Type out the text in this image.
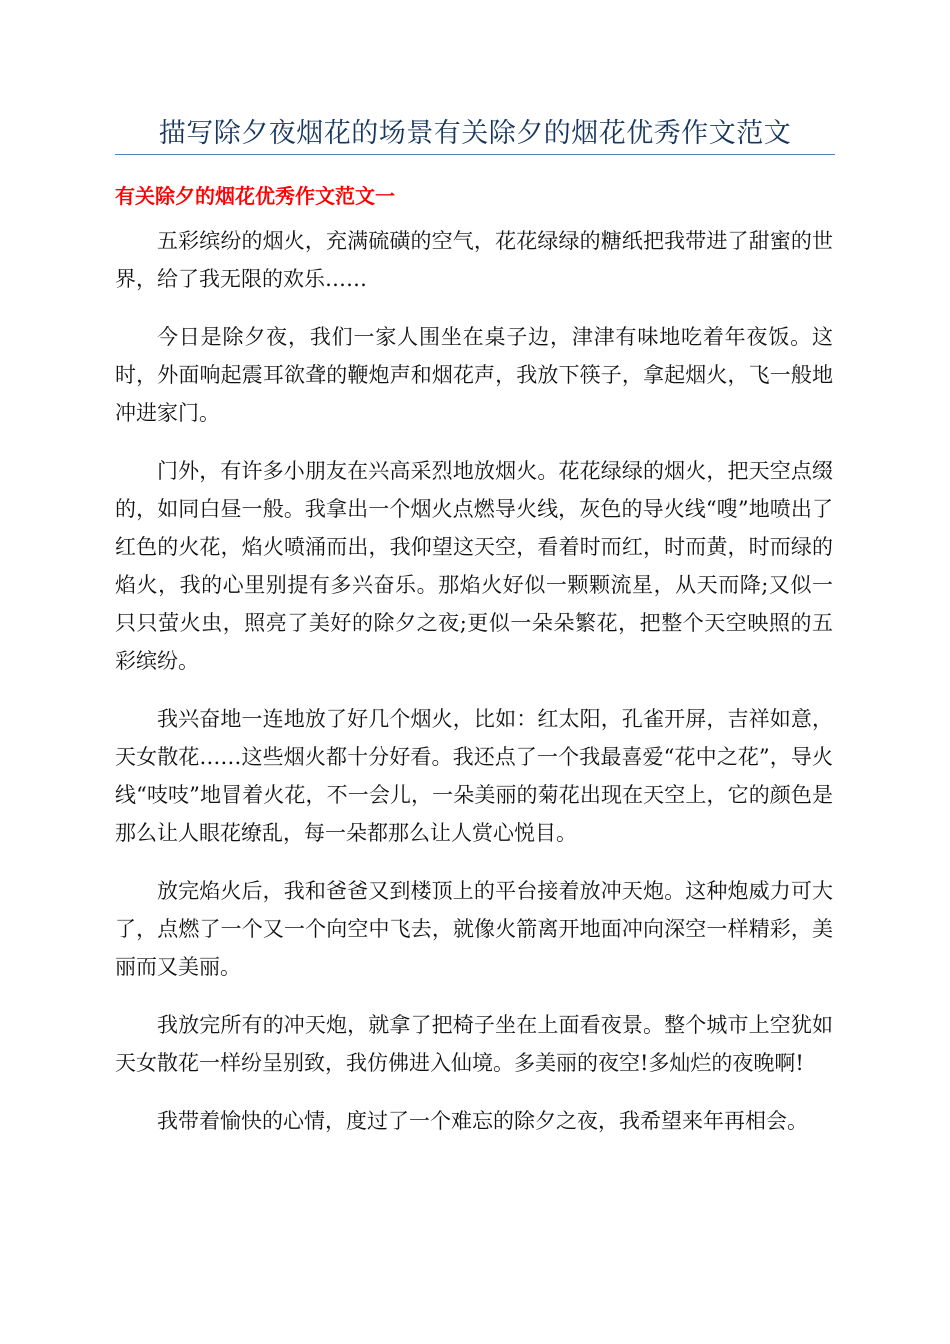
描写除夕夜烟花的场景有关除夕的烟花优秀作文范文
有关除夕的烟花优秀作文范文一

五彩缤纷的烟火，充满硫磺的空气，花花绿绿的糖纸把我带进了甜蜜的世界，给了我无限的欢乐……

今日是除夕夜，我们一家人围坐在桌子边，津津有味地吃着年夜饭。这时，外面响起震耳欲聋的鞭炮声和烟花声，我放下筷子，拿起烟火，飞一般地冲进家门。

门外，有许多小朋友在兴高采烈地放烟火。花花绿绿的烟火，把天空点缀的，如同白昼一般。我拿出一个烟火点燃导火线，灰色的导火线“嗖”地喷出了红色的火花，焰火喷涌而出，我仰望这天空，看着时而红，时而黄，时而绿的焰火，我的心里别提有多兴奋乐。那焰火好似一颗颗流星，从天而降;又似一只只萤火虫，照亮了美好的除夕之夜;更似一朵朵繁花，把整个天空映照的五彩缤纷。

我兴奋地一连地放了好几个烟火，比如：红太阳，孔雀开屏，吉祥如意，天女散花……这些烟火都十分好看。我还点了一个我最喜爱“花中之花”，导火线“吱吱”地冒着火花，不一会儿，一朵美丽的菊花出现在天空上，它的颜色是那么让人眼花缭乱，每一朵都那么让人赏心悦目。

放完焰火后，我和爸爸又到楼顶上的平台接着放冲天炮。这种炮威力可大了，点燃了一个又一个向空中飞去，就像火箭离开地面冲向深空一样精彩，美丽而又美丽。

我放完所有的冲天炮，就拿了把椅子坐在上面看夜景。整个城市上空犹如天女散花一样纷呈别致，我仿佛进入仙境。多美丽的夜空!多灿烂的夜晚啊!

我带着愉快的心情，度过了一个难忘的除夕之夜，我希望来年再相会。
